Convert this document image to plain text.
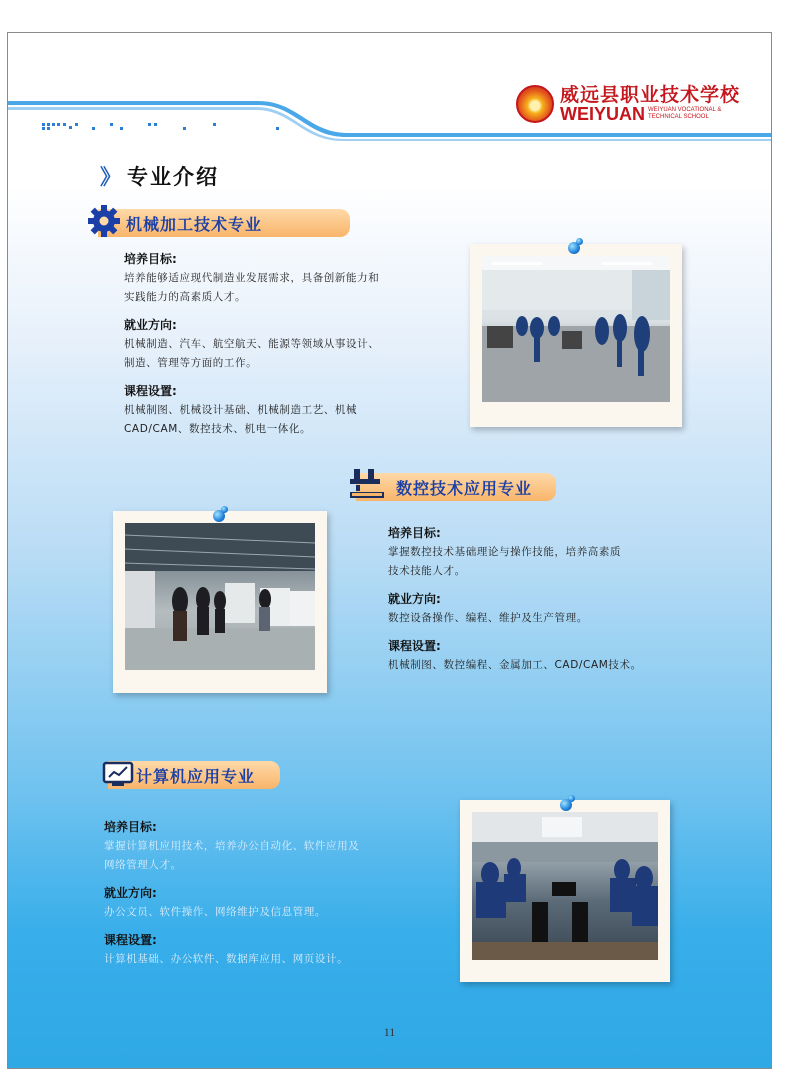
威远县职业技术学校
WEIYUAN WEIYUAN VOCATIONAL & TECHNICAL SCHOOL
》 专业介绍
机械加工技术专业
培养目标:
培养能够适应现代制造业发展需求，具备创新能力和
实践能力的高素质人才。
就业方向:
机械制造、汽车、航空航天、能源等领域从事设计、
制造、管理等方面的工作。
课程设置:
机械制图、机械设计基础、机械制造工艺、机械
CAD/CAM、数控技术、机电一体化。
数控技术应用专业
培养目标:
掌握数控技术基础理论与操作技能，培养高素质
技术技能人才。
就业方向:
数控设备操作、编程、维护及生产管理。
课程设置:
机械制图、数控编程、金属加工、CAD/CAM技术。
计算机应用专业
培养目标:
掌握计算机应用技术，培养办公自动化、软件应用及
网络管理人才。
就业方向:
办公文员、软件操作、网络维护及信息管理。
课程设置:
计算机基础、办公软件、数据库应用、网页设计。
11
